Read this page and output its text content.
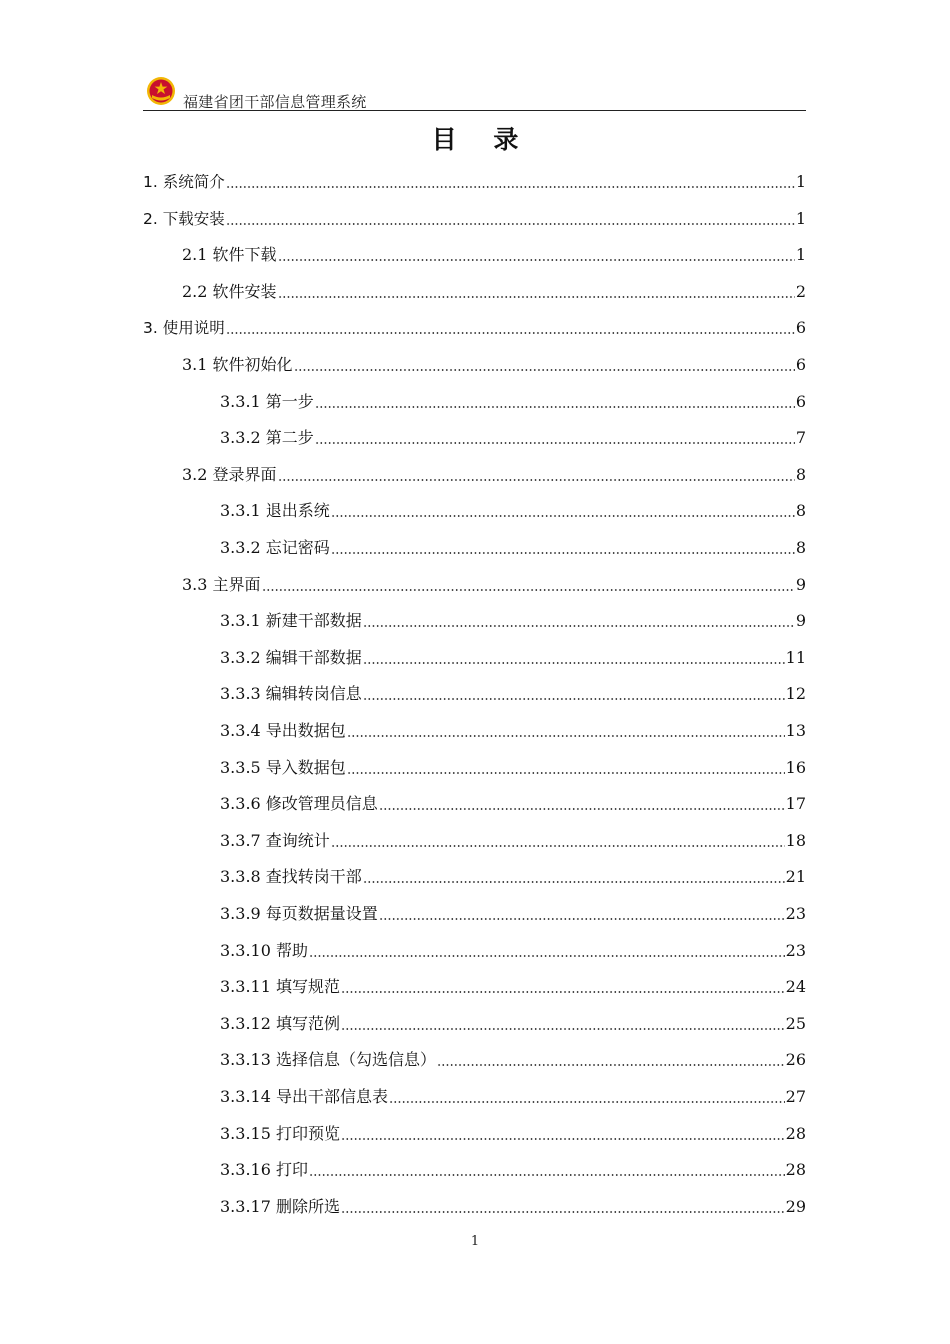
福建省团干部信息管理系统
目 录
1. 系统简介	1
2. 下载安装	1
2.1 软件下载	1
2.2 软件安装	2
3. 使用说明	6
3.1 软件初始化	6
3.3.1 第一步	6
3.3.2 第二步	7
3.2 登录界面	8
3.3.1 退出系统	8
3.3.2 忘记密码	8
3.3 主界面	9
3.3.1 新建干部数据	9
3.3.2 编辑干部数据	11
3.3.3 编辑转岗信息	12
3.3.4 导出数据包	13
3.3.5 导入数据包	16
3.3.6 修改管理员信息	17
3.3.7 查询统计	18
3.3.8 查找转岗干部	21
3.3.9 每页数据量设置	23
3.3.10 帮助	23
3.3.11 填写规范	24
3.3.12 填写范例	25
3.3.13 选择信息（勾选信息）	26
3.3.14 导出干部信息表	27
3.3.15 打印预览	28
3.3.16 打印	28
3.3.17 删除所选	29
1
